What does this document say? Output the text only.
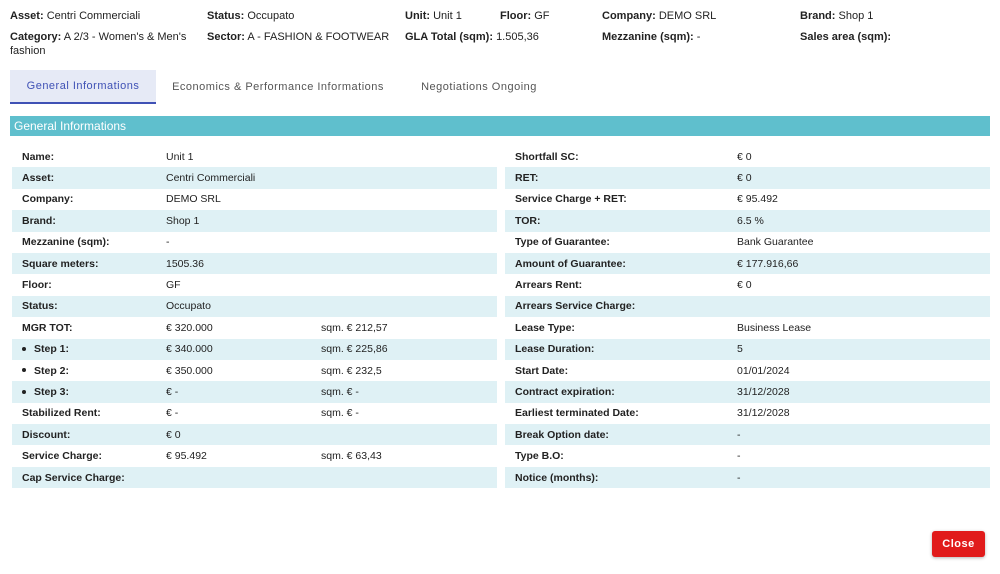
Asset: Centri Commerciali	Status: Occupato	Unit: Unit 1	Floor: GF	Company: DEMO SRL	Brand: Shop 1
Category: A 2/3 - Women's & Men's
fashion
Sector: A - FASHION & FOOTWEAR GLA Total (sqm): 1.505,36	Mezzanine (sqm): -	Sales area (sqm):
General Informations	Economics & Performance Informations	Negotiations Ongoing
General Informations
Name:	Unit 1
Asset:	Centri Commerciali
Company:	DEMO SRL
Brand:	Shop 1
Mezzanine (sqm):	-
Square meters:	1505.36
Floor:	GF
Status:	Occupato
MGR TOT:	€ 320.000	sqm. € 212,57
Step 1:	€ 340.000	sqm. € 225,86
Step 2:	€ 350.000	sqm. € 232,5
Step 3:	€ -	sqm. € -
Stabilized Rent:	€ -	sqm. € -
Discount:	€ 0
Service Charge:	€ 95.492	sqm. € 63,43
Cap Service Charge:
Shortfall SC:	€ 0
RET:	€ 0
Service Charge + RET:	€ 95.492
TOR:	6.5 %
Type of Guarantee:	Bank Guarantee
Amount of Guarantee:	€ 177.916,66
Arrears Rent:	€ 0
Arrears Service Charge:
Lease Type:	Business Lease
Lease Duration:	5
Start Date:	01/01/2024
Contract expiration:	31/12/2028
Earliest terminated Date:	31/12/2028
Break Option date:	-
Type B.O:	-
Notice (months):	-
Close
